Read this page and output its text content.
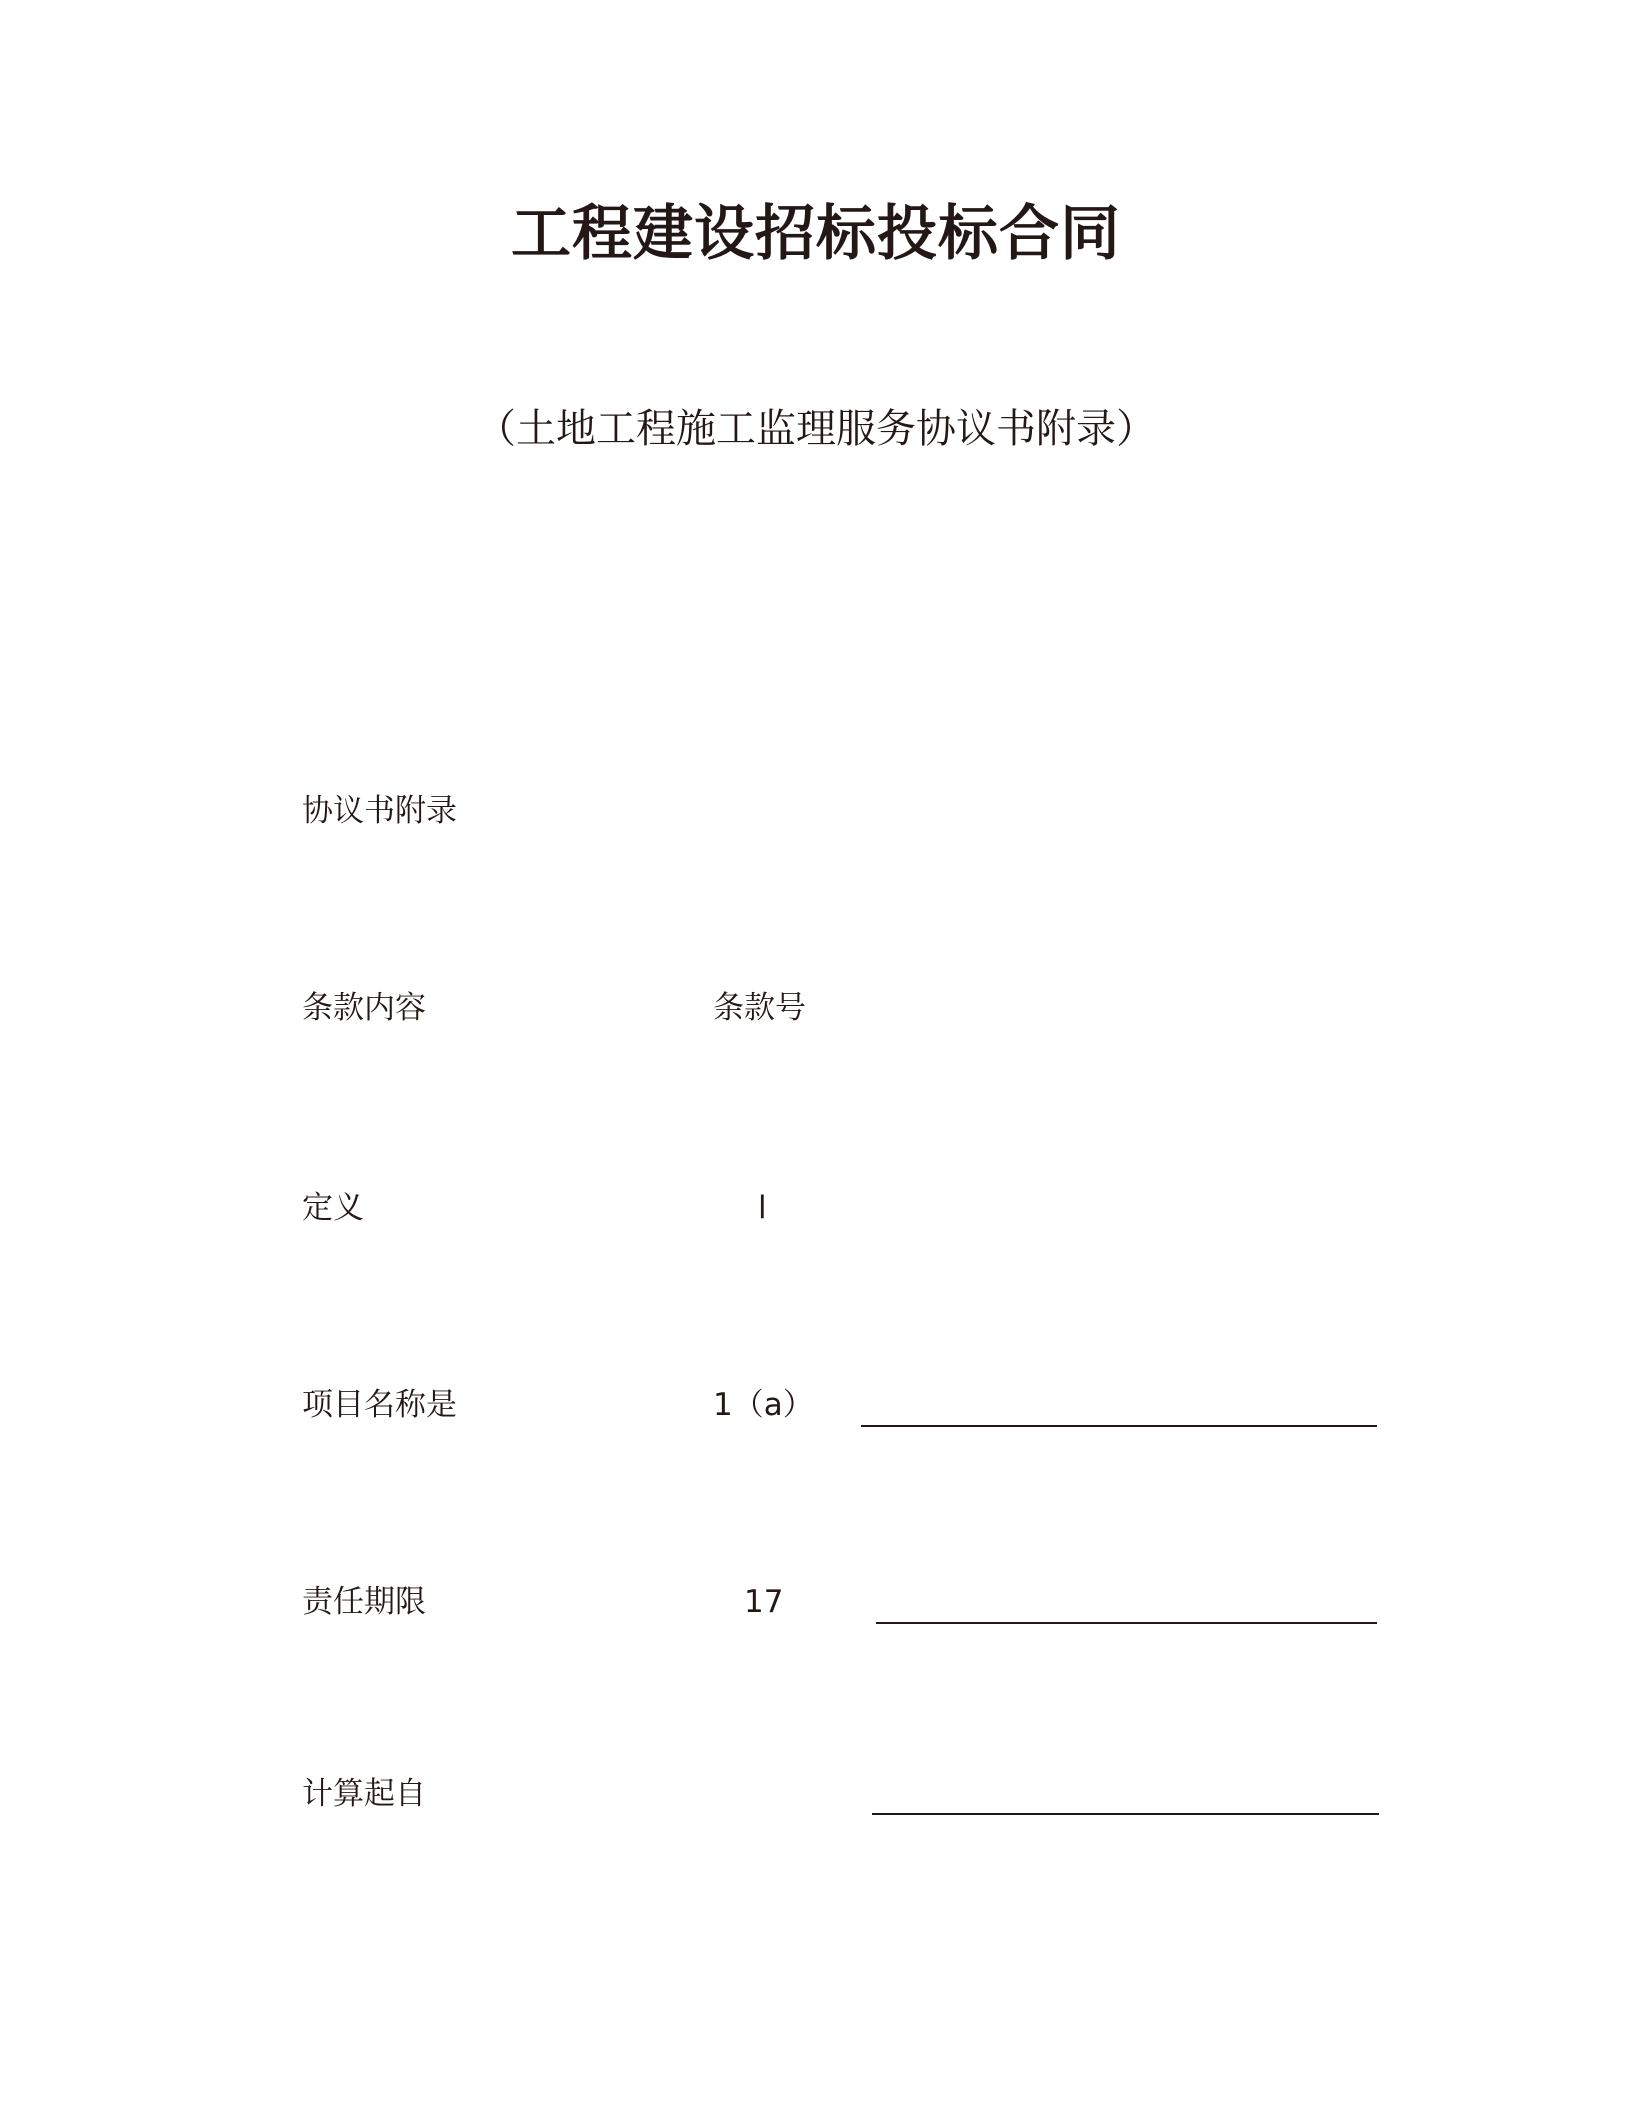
工程建设招标投标合同
（土地工程施工监理服务协议书附录）
协议书附录
条款内容	条款号
定义	l
项目名称是	1（a）
责任期限	17
计算起自
